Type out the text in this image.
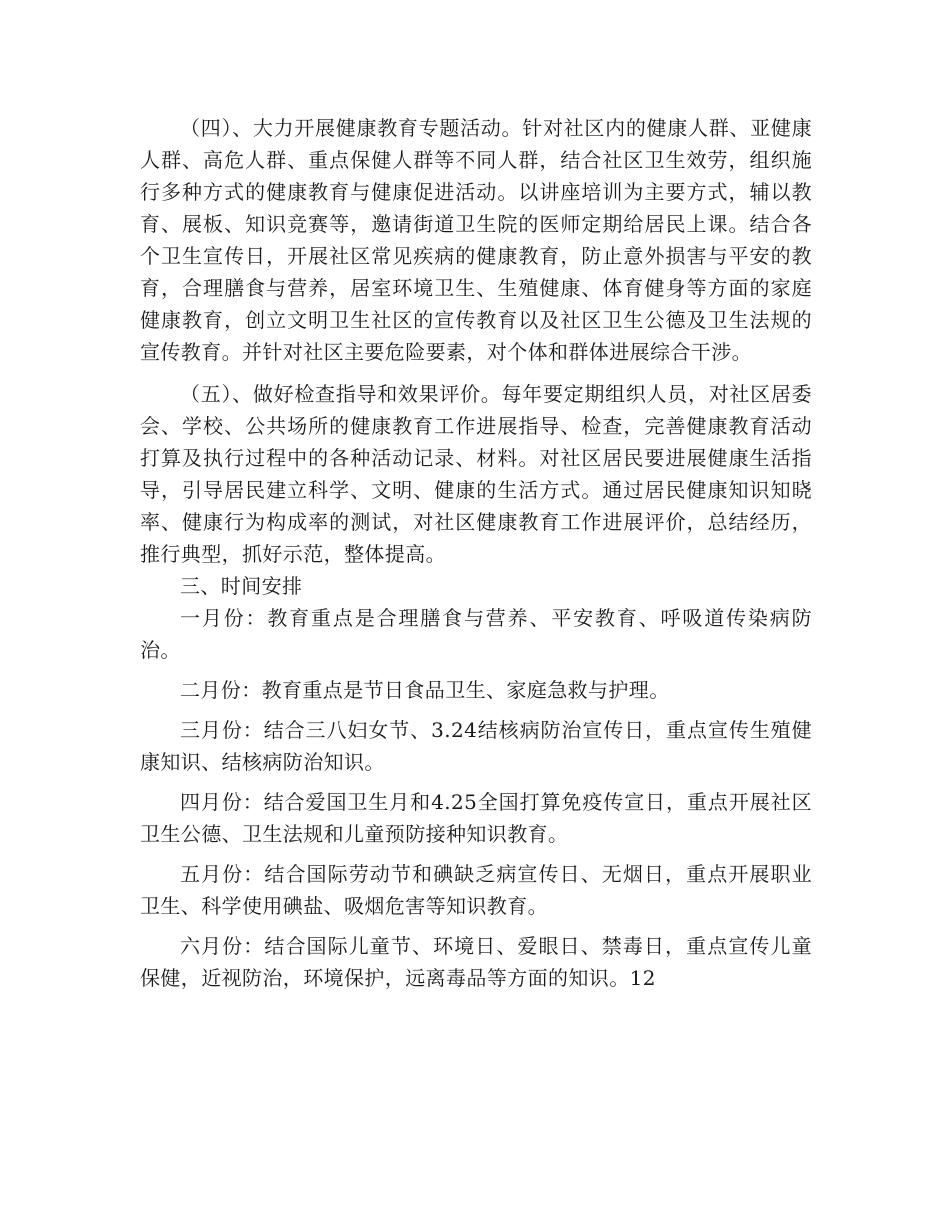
（四）、大力开展健康教育专题活动。针对社区内的健康人群、亚健康人群、高危人群、重点保健人群等不同人群，结合社区卫生效劳，组织施行多种方式的健康教育与健康促进活动。以讲座培训为主要方式，辅以教育、展板、知识竞赛等，邀请街道卫生院的医师定期给居民上课。结合各个卫生宣传日，开展社区常见疾病的健康教育，防止意外损害与平安的教育，合理膳食与营养，居室环境卫生、生殖健康、体育健身等方面的家庭健康教育，创立文明卫生社区的宣传教育以及社区卫生公德及卫生法规的宣传教育。并针对社区主要危险要素，对个体和群体进展综合干涉。

（五）、做好检查指导和效果评价。每年要定期组织人员，对社区居委会、学校、公共场所的健康教育工作进展指导、检查，完善健康教育活动打算及执行过程中的各种活动记录、材料。对社区居民要进展健康生活指导，引导居民建立科学、文明、健康的生活方式。通过居民健康知识知晓率、健康行为构成率的测试，对社区健康教育工作进展评价，总结经历，推行典型，抓好示范，整体提高。

三、时间安排

一月份：教育重点是合理膳食与营养、平安教育、呼吸道传染病防治。

二月份：教育重点是节日食品卫生、家庭急救与护理。

三月份：结合三八妇女节、3.24结核病防治宣传日，重点宣传生殖健康知识、结核病防治知识。

四月份：结合爱国卫生月和4.25全国打算免疫传宣日，重点开展社区卫生公德、卫生法规和儿童预防接种知识教育。

五月份：结合国际劳动节和碘缺乏病宣传日、无烟日，重点开展职业卫生、科学使用碘盐、吸烟危害等知识教育。

六月份：结合国际儿童节、环境日、爱眼日、禁毒日，重点宣传儿童保健，近视防治，环境保护，远离毒品等方面的知识。12
